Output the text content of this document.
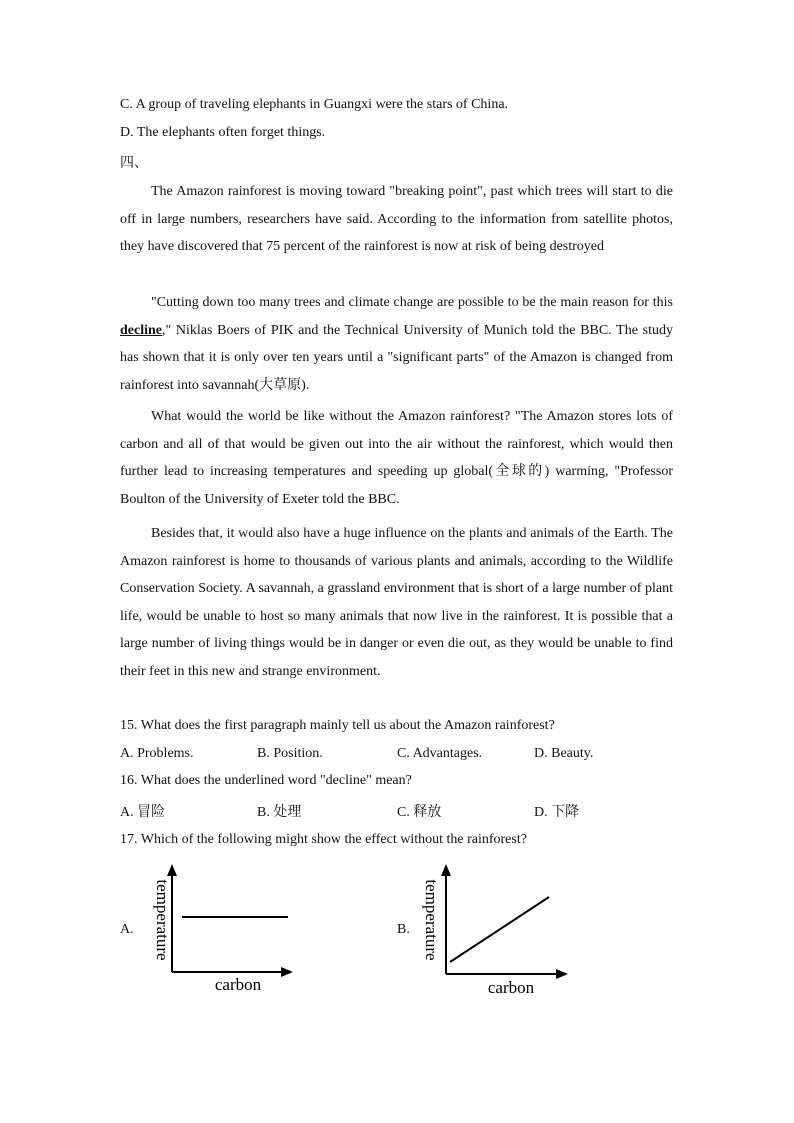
C. A group of traveling elephants in Guangxi were the stars of China.
D. The elephants often forget things.
四、
The Amazon rainforest is moving toward "breaking point", past which trees will start to die off in large numbers, researchers have said. According to the information from satellite photos, they have discovered that 75 percent of the rainforest is now at risk of being destroyed
"Cutting down too many trees and climate change are possible to be the main reason for this decline," Niklas Boers of PIK and the Technical University of Munich told the BBC. The study has shown that it is only over ten years until a "significant parts" of the Amazon is changed from rainforest into savannah(大草原).
What would the world be like without the Amazon rainforest? "The Amazon stores lots of carbon and all of that would be given out into the air without the rainforest, which would then further lead to increasing temperatures and speeding up global(全球的) warming, "Professor Boulton of the University of Exeter told the BBC.
Besides that, it would also have a huge influence on the plants and animals of the Earth. The Amazon rainforest is home to thousands of various plants and animals, according to the Wildlife Conservation Society. A savannah, a grassland environment that is short of a large number of plant life, would be unable to host so many animals that now live in the rainforest. It is possible that a large number of living things would be in danger or even die out, as they would be unable to find their feet in this new and strange environment.
15. What does the first paragraph mainly tell us about the Amazon rainforest?
A. Problems.	B. Position.	C. Advantages.	D. Beauty.
16. What does the underlined word "decline" mean?
A. 冒险	B. 处理	C. 释放	D. 下降
17. Which of the following might show the effect without the rainforest?
A. temperature
carbon
B. temperature
carbon
